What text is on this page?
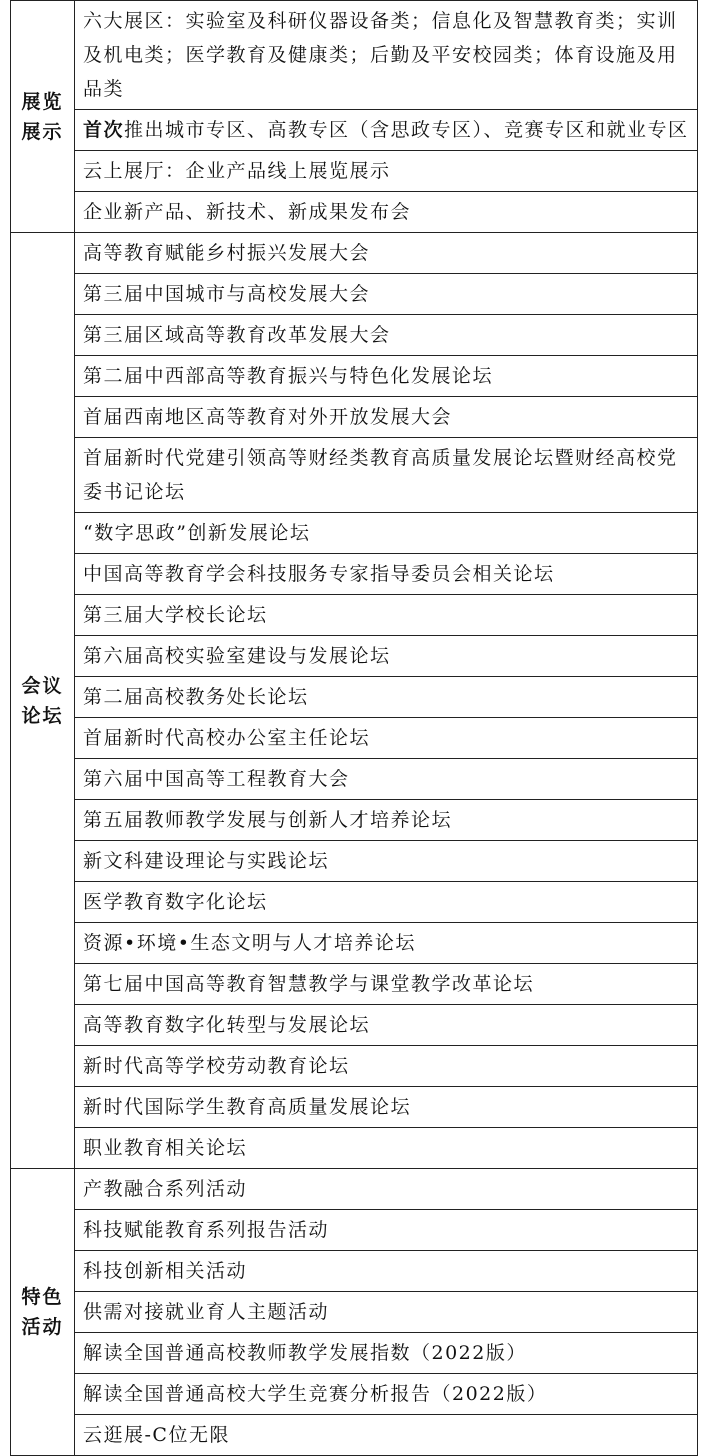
展览
展示	六大展区：实验室及科研仪器设备类；信息化及智慧教育类；实训及机电类；医学教育及健康类；后勤及平安校园类；体育设施及用品类
	首次推出城市专区、高教专区（含思政专区）、竞赛专区和就业专区
	云上展厅：企业产品线上展览展示
	企业新产品、新技术、新成果发布会

会议
论坛	高等教育赋能乡村振兴发展大会
	第三届中国城市与高校发展大会
	第三届区域高等教育改革发展大会
	第二届中西部高等教育振兴与特色化发展论坛
	首届西南地区高等教育对外开放发展大会
	首届新时代党建引领高等财经类教育高质量发展论坛暨财经高校党委书记论坛
	“数字思政”创新发展论坛
	中国高等教育学会科技服务专家指导委员会相关论坛
	第三届大学校长论坛
	第六届高校实验室建设与发展论坛
	第二届高校教务处长论坛
	首届新时代高校办公室主任论坛
	第六届中国高等工程教育大会
	第五届教师教学发展与创新人才培养论坛
	新文科建设理论与实践论坛
	医学教育数字化论坛
	资源•环境•生态文明与人才培养论坛
	第七届中国高等教育智慧教学与课堂教学改革论坛
	高等教育数字化转型与发展论坛
	新时代高等学校劳动教育论坛
	新时代国际学生教育高质量发展论坛
	职业教育相关论坛

特色
活动	产教融合系列活动
	科技赋能教育系列报告活动
	科技创新相关活动
	供需对接就业育人主题活动
	解读全国普通高校教师教学发展指数（2022版）
	解读全国普通高校大学生竞赛分析报告（2022版）
	云逛展-C位无限
